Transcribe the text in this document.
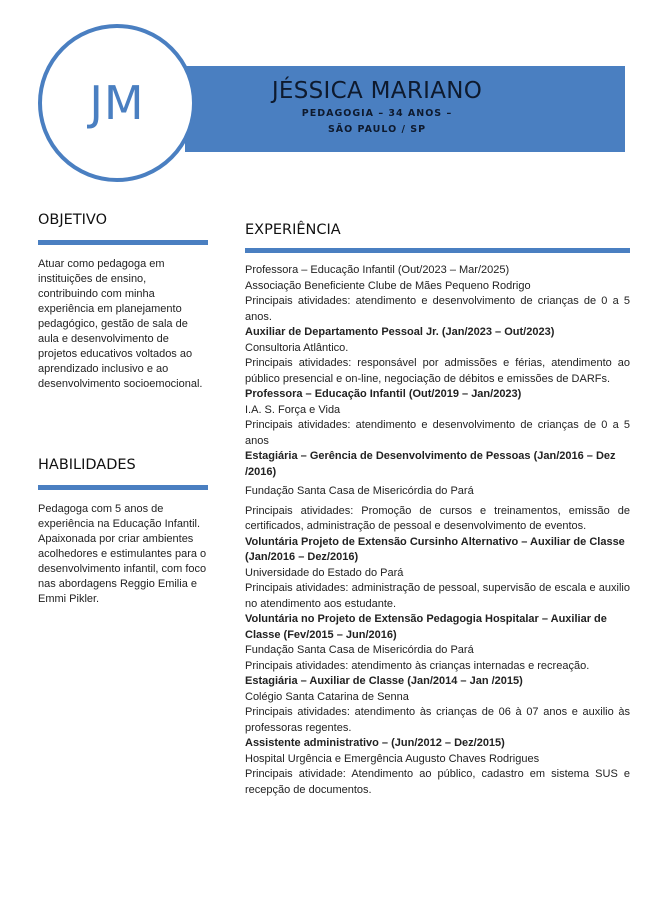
JÉSSICA MARIANO
PEDAGOGIA – 34 ANOS –
SÃO PAULO / SP
JM
OBJETIVO
Atuar como pedagoga em instituições de ensino, contribuindo com minha experiência em planejamento pedagógico, gestão de sala de aula e desenvolvimento de projetos educativos voltados ao aprendizado inclusivo e ao desenvolvimento socioemocional.
HABILIDADES
Pedagoga com 5 anos de experiência na Educação Infantil. Apaixonada por criar ambientes acolhedores e estimulantes para o desenvolvimento infantil, com foco nas abordagens Reggio Emilia e Emmi Pikler.
EXPERIÊNCIA
Professora – Educação Infantil (Out/2023 – Mar/2025)
Associação Beneficiente Clube de Mães Pequeno Rodrigo
Principais atividades: atendimento e desenvolvimento de crianças de 0 a 5 anos.
Auxiliar de Departamento Pessoal Jr. (Jan/2023 – Out/2023)
Consultoria Atlântico.
Principais atividades: responsável por admissões e férias, atendimento ao público presencial e on-line, negociação de débitos e emissões de DARFs.
Professora – Educação Infantil (Out/2019 – Jan/2023)
I.A. S. Força e Vida
Principais atividades: atendimento e desenvolvimento de crianças de 0 a 5 anos
Estagiária – Gerência de Desenvolvimento de Pessoas (Jan/2016 – Dez /2016)
Fundação Santa Casa de Misericórdia do Pará
Principais atividades: Promoção de cursos e treinamentos, emissão de certificados, administração de pessoal e desenvolvimento de eventos.
Voluntária Projeto de Extensão Cursinho Alternativo – Auxiliar de Classe (Jan/2016 – Dez/2016)
Universidade do Estado do Pará
Principais atividades: administração de pessoal, supervisão de escala e auxilio no atendimento aos estudante.
Voluntária no Projeto de Extensão Pedagogia Hospitalar – Auxiliar de Classe (Fev/2015 – Jun/2016)
Fundação Santa Casa de Misericórdia do Pará
Principais atividades: atendimento às crianças internadas e recreação.
Estagiária – Auxiliar de Classe (Jan/2014 – Jan /2015)
Colégio Santa Catarina de Senna
Principais atividades: atendimento às crianças de 06 à 07 anos e auxilio às professoras regentes.
Assistente administrativo – (Jun/2012 – Dez/2015)
Hospital Urgência e Emergência Augusto Chaves Rodrigues
Principais atividade: Atendimento ao público, cadastro em sistema SUS e recepção de documentos.
